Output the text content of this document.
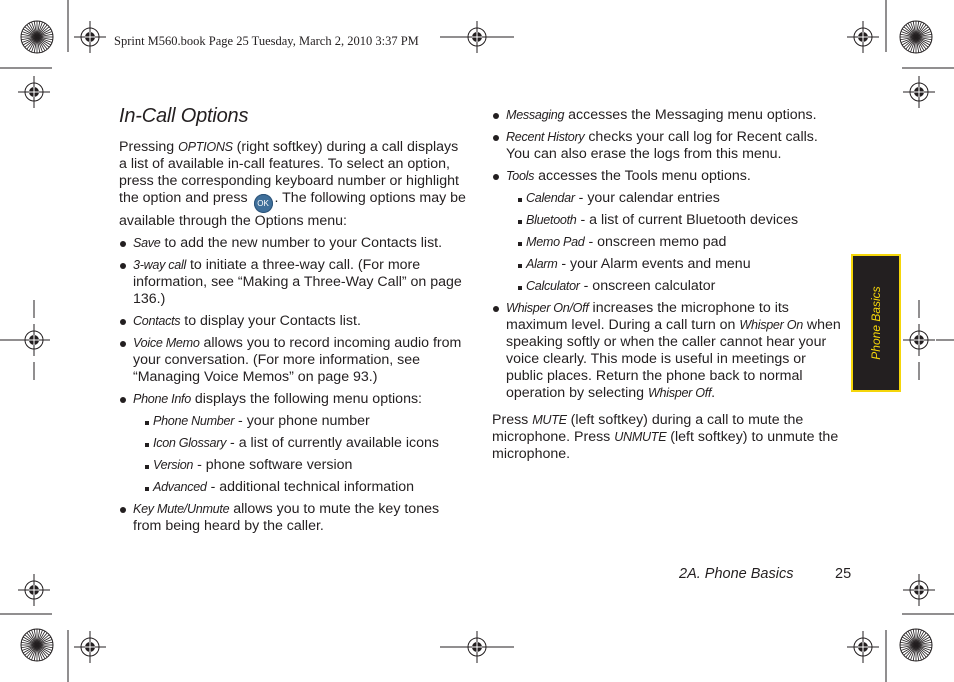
Sprint M560.book Page 25 Tuesday, March 2, 2010 3:37 PM
In-Call Options

Pressing OPTIONS (right softkey) during a call displays a list of available in-call features. To select an option, press the corresponding keyboard number or highlight the option and press OK . The following options may be available through the Options menu:

Save to add the new number to your Contacts list.
3-way call to initiate a three-way call. (For more information, see “Making a Three-Way Call” on page 136.)
Contacts to display your Contacts list.
Voice Memo allows you to record incoming audio from your conversation. (For more information, see “Managing Voice Memos” on page 93.)
Phone Info displays the following menu options:
Phone Number - your phone number
Icon Glossary - a list of currently available icons
Version - phone software version
Advanced - additional technical information
Key Mute/Unmute allows you to mute the key tones from being heard by the caller.
Messaging accesses the Messaging menu options.
Recent History checks your call log for Recent calls. You can also erase the logs from this menu.
Tools accesses the Tools menu options.
Calendar - your calendar entries
Bluetooth - a list of current Bluetooth devices
Memo Pad - onscreen memo pad
Alarm - your Alarm events and menu
Calculator - onscreen calculator
Whisper On/Off increases the microphone to its maximum level. During a call turn on Whisper On when speaking softly or when the caller cannot hear your voice clearly. This mode is useful in meetings or public places. Return the phone back to normal operation by selecting Whisper Off.

Press MUTE (left softkey) during a call to mute the microphone. Press UNMUTE (left softkey) to unmute the microphone.

Phone Basics
2A. Phone Basics	25
